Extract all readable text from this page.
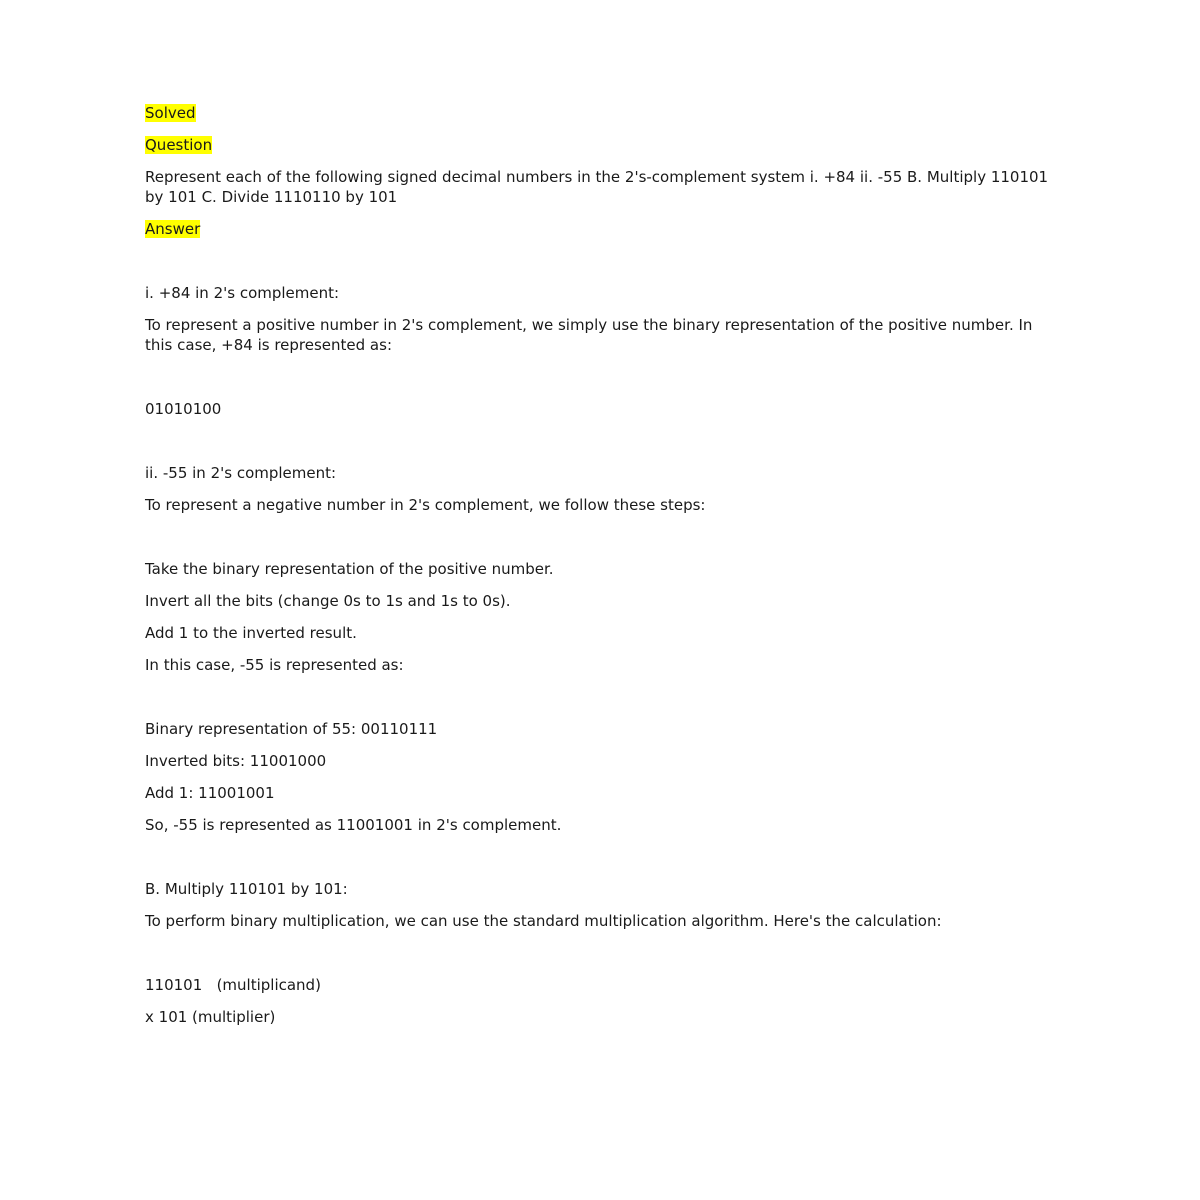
Solved

Question

Represent each of the following signed decimal numbers in the 2's-complement system i. +84 ii. -55 B. Multiply 110101 by 101 C. Divide 1110110 by 101

Answer

i. +84 in 2's complement:

To represent a positive number in 2's complement, we simply use the binary representation of the positive number. In this case, +84 is represented as:

01010100

ii. -55 in 2's complement:

To represent a negative number in 2's complement, we follow these steps:

Take the binary representation of the positive number.

Invert all the bits (change 0s to 1s and 1s to 0s).

Add 1 to the inverted result.

In this case, -55 is represented as:

Binary representation of 55: 00110111

Inverted bits: 11001000

Add 1: 11001001

So, -55 is represented as 11001001 in 2's complement.

B. Multiply 110101 by 101:

To perform binary multiplication, we can use the standard multiplication algorithm. Here's the calculation:

110101   (multiplicand)

x 101 (multiplier)
